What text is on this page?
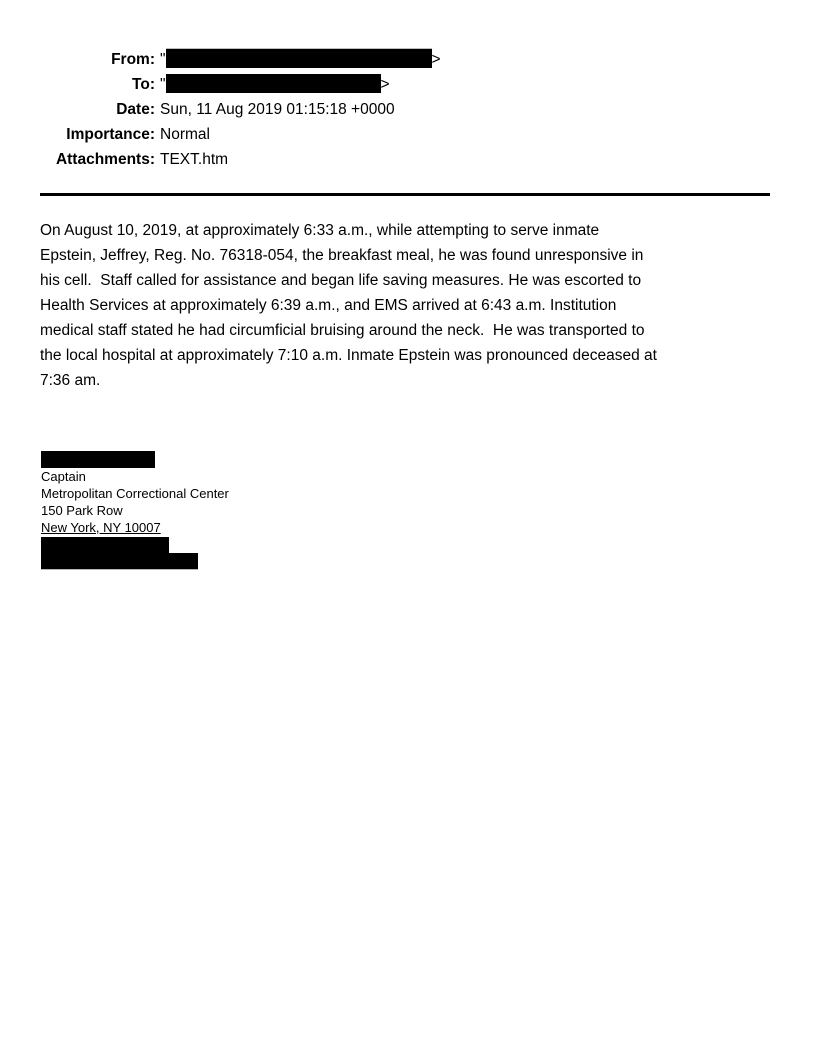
From: "	>
To: "	>
Date: Sun, 11 Aug 2019 01:15:18 +0000
Importance: Normal
Attachments: TEXT.htm
On August 10, 2019, at approximately 6:33 a.m., while attempting to serve inmate
Epstein, Jeffrey, Reg. No. 76318-054, the breakfast meal, he was found unresponsive in
his cell.  Staff called for assistance and began life saving measures. He was escorted to
Health Services at approximately 6:39 a.m., and EMS arrived at 6:43 a.m. Institution
medical staff stated he had circumficial bruising around the neck.  He was transported to
the local hospital at approximately 7:10 a.m. Inmate Epstein was pronounced deceased at
7:36 am.
Captain
Metropolitan Correctional Center
150 Park Row
New York, NY 10007
